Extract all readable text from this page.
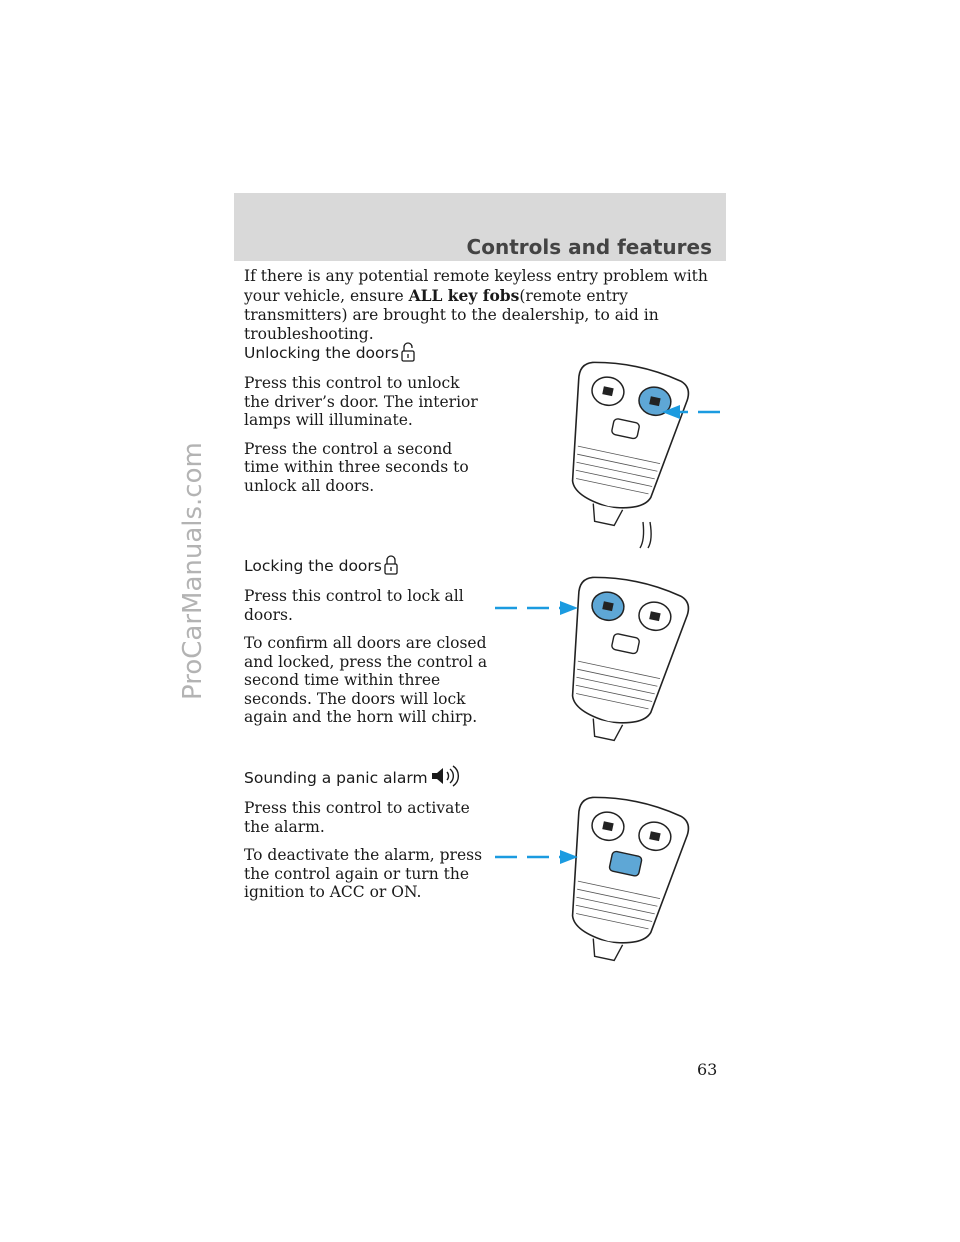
ProCarManuals.com
Controls and features

If there is any potential remote keyless entry problem with your vehicle, ensure ALL key fobs(remote entry transmitters) are brought to the dealership, to aid in troubleshooting.

Unlocking the doors

Press this control to unlock the driver’s door. The interior lamps will illuminate.

Press the control a second time within three seconds to unlock all doors.

Locking the doors

Press this control to lock all doors.

To confirm all doors are closed and locked, press the control a second time within three seconds. The doors will lock again and the horn will chirp.

Sounding a panic alarm

Press this control to activate the alarm.

To deactivate the alarm, press the control again or turn the ignition to ACC or ON.

63
